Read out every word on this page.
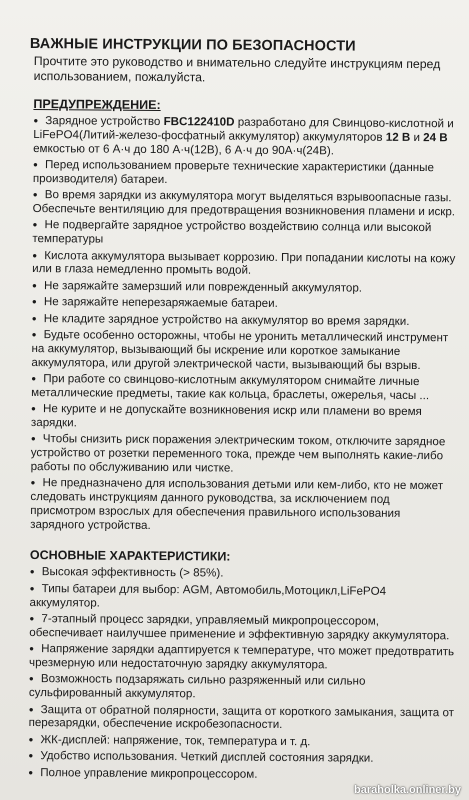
ВАЖНЫЕ ИНСТРУКЦИИ ПО БЕЗОПАСНОСТИ
Прочтите это руководство и внимательно следуйте инструкциям перед использованием, пожалуйста.
ПРЕДУПРЕЖДЕНИЕ:
● Зарядное устройство FBC122410D разработано для Свинцово-кислотной и LiFePO4(Литий-железо-фосфатный аккумулятор) аккумуляторов 12 В и 24 В емкостью от 6 А·ч до 180 А·ч(12В), 6 А·ч до 90А·ч(24В).
● Перед использованием проверьте технические характеристики (данные производителя) батареи.
● Во время зарядки из аккумулятора могут выделяться взрывоопасные газы. Обеспечьте вентиляцию для предотвращения возникновения пламени и искр.
● Не подвергайте зарядное устройство воздействию солнца или высокой температуры
● Кислота аккумулятора вызывает коррозию. При попадании кислоты на кожу или в глаза немедленно промыть водой.
● Не заряжайте замерзший или поврежденный аккумулятор.
● Не заряжайте неперезаряжаемые батареи.
● Не кладите зарядное устройство на аккумулятор во время зарядки.
● Будьте особенно осторожны, чтобы не уронить металлический инструмент на аккумулятор, вызывающий бы искрение или короткое замыкание аккумулятора, или другой электрической части, вызывающий бы взрыв.
● При работе со свинцово-кислотным аккумулятором снимайте личные металлические предметы, такие как кольца, браслеты, ожерелья, часы ...
● Не курите и не допускайте возникновения искр или пламени во время зарядки.
● Чтобы снизить риск поражения электрическим током, отключите зарядное устройство от розетки переменного тока, прежде чем выполнять какие-либо работы по обслуживанию или чистке.
● Не предназначено для использования детьми или кем-либо, кто не может следовать инструкциям данного руководства, за исключением под присмотром взрослых для обеспечения правильного использования зарядного устройства.
ОСНОВНЫЕ ХАРАКТЕРИСТИКИ:
● Высокая эффективность (> 85%).
● Типы батареи для выбор: AGM, Автомобиль,Мотоцикл,LiFePO4 аккумулятор.
● 7-этапный процесс зарядки, управляемый микропроцессором, обеспечивает наилучшее применение и эффективную зарядку аккумулятора.
● Напряжение зарядки адаптируется к температуре, что может предотвратить чрезмерную или недостаточную зарядку аккумулятора.
● Возможность подзаряжать сильно разряженный или сильно сульфированный аккумулятор.
● Защита от обратной полярности, защита от короткого замыкания, защита от перезарядки, обеспечение искробезопасности.
● ЖК-дисплей: напряжение, ток, температура и т. д.
● Удобство использования. Четкий дисплей состояния зарядки.
● Полное управление микропроцессором.
baraholka.onliner.by
